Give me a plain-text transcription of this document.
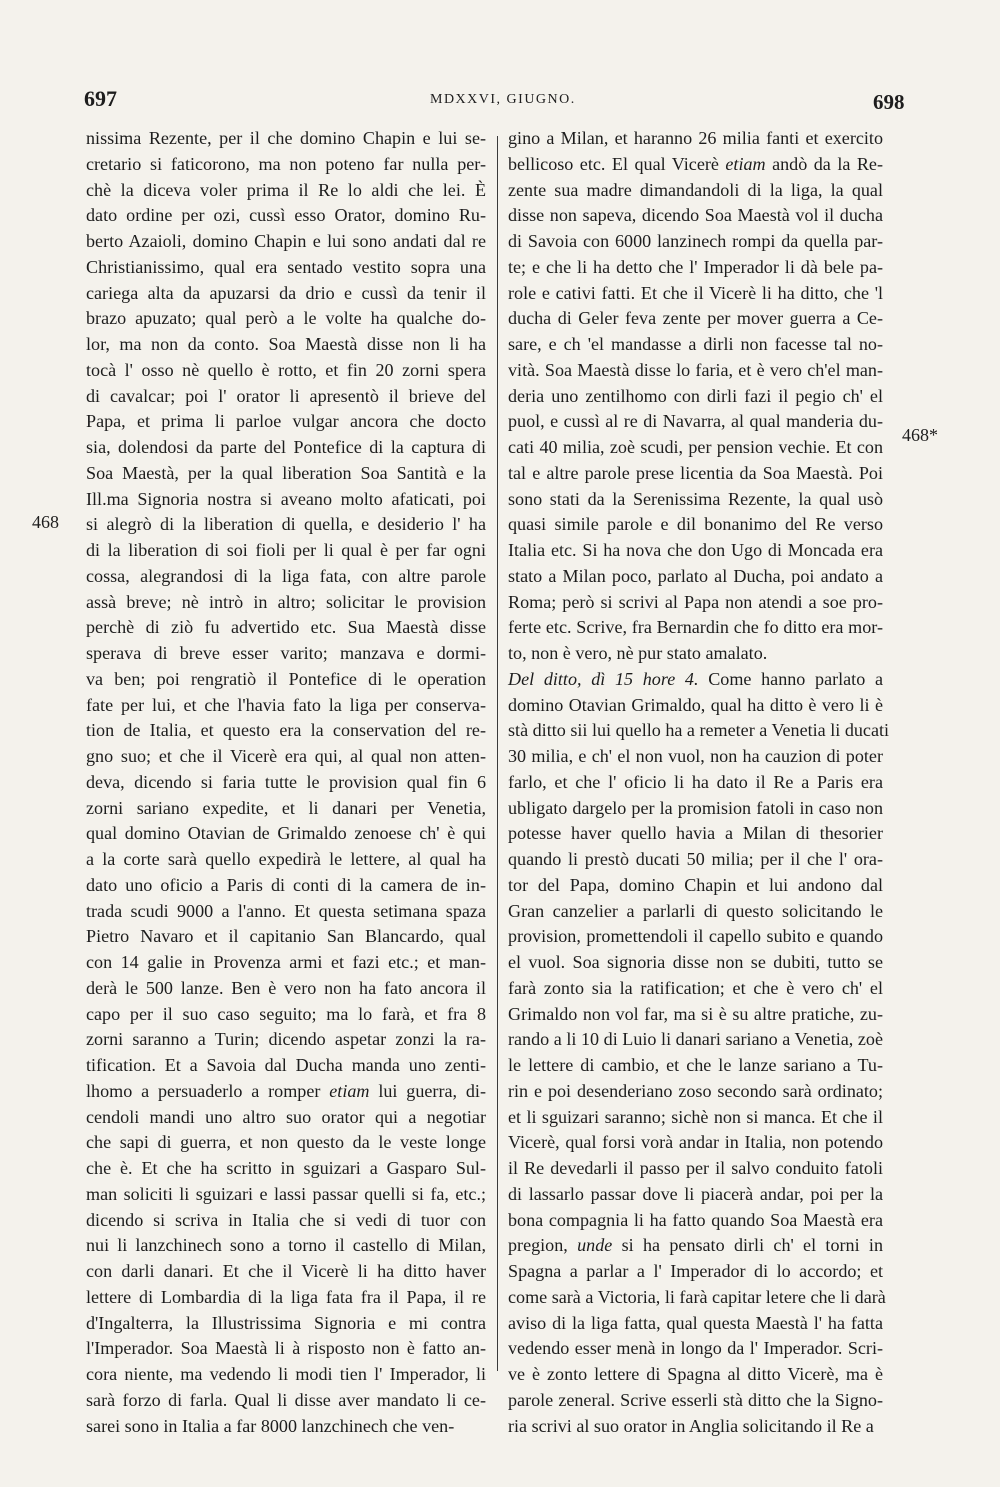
697	MDXXVI, GIUGNO.	698
nissima Rezente, per il che domino Chapin e lui se-
cretario si faticorono, ma non poteno far nulla per-
chè la diceva voler prima il Re lo aldi che lei. È
dato ordine per ozi, cussì esso Orator, domino Ru-
berto Azaioli, domino Chapin e lui sono andati dal re
Christianissimo, qual era sentado vestito sopra una
cariega alta da apuzarsi da drio e cussì da tenir il
brazo apuzato; qual però a le volte ha qualche do-
lor, ma non da conto. Soa Maestà disse non li ha
tocà l' osso nè quello è rotto, et fin 20 zorni spera
di cavalcar; poi l' orator li apresentò il brieve del
Papa, et prima li parloe vulgar ancora che docto
sia, dolendosi da parte del Pontefice di la captura di
Soa Maestà, per la qual liberation Soa Santità e la
Ill.ma Signoria nostra si aveano molto afaticati, poi
si alegrò di la liberation di quella, e desiderio l' ha
di la liberation di soi fioli per li qual è per far ogni
cossa, alegrandosi di la liga fata, con altre parole
assà breve; nè intrò in altro; solicitar le provision
perchè di ziò fu advertido etc. Sua Maestà disse
sperava di breve esser varito; manzava e dormi-
va ben; poi rengratiò il Pontefice di le operation
fate per lui, et che l'havia fato la liga per conserva-
tion de Italia, et questo era la conservation del re-
gno suo; et che il Vicerè era qui, al qual non atten-
deva, dicendo si faria tutte le provision qual fin 6
zorni sariano expedite, et li danari per Venetia,
qual domino Otavian de Grimaldo zenoese ch' è qui
a la corte sarà quello expedirà le lettere, al qual ha
dato uno oficio a Paris di conti di la camera de in-
trada scudi 9000 a l'anno. Et questa setimana spaza
Pietro Navaro et il capitanio San Blancardo, qual
con 14 galie in Provenza armi et fazi etc.; et man-
derà le 500 lanze. Ben è vero non ha fato ancora il
capo per il suo caso seguito; ma lo farà, et fra 8
zorni saranno a Turin; dicendo aspetar zonzi la ra-
tification. Et a Savoia dal Ducha manda uno zenti-
lhomo a persuaderlo a romper etiam lui guerra, di-
cendoli mandi uno altro suo orator qui a negotiar
che sapi di guerra, et non questo da le veste longe
che è. Et che ha scritto in sguizari a Gasparo Sul-
man soliciti li sguizari e lassi passar quelli si fa, etc.;
dicendo si scriva in Italia che si vedi di tuor con
nui li lanzchinech sono a torno il castello di Milan,
con darli danari. Et che il Vicerè li ha ditto haver
lettere di Lombardia di la liga fata fra il Papa, il re
d'Ingalterra, la Illustrissima Signoria e mi contra
l'Imperador. Soa Maestà li à risposto non è fatto an-
cora niente, ma vedendo li modi tien l' Imperador, li
sarà forzo di farla. Qual li disse aver mandato li ce-
sarei sono in Italia a far 8000 lanzchinech che ven-
gino a Milan, et haranno 26 milia fanti et exercito
bellicoso etc. El qual Vicerè etiam andò da la Re-
zente sua madre dimandandoli di la liga, la qual
disse non sapeva, dicendo Soa Maestà vol il ducha
di Savoia con 6000 lanzinech rompi da quella par-
te; e che li ha detto che l' Imperador li dà bele pa-
role e cativi fatti. Et che il Vicerè li ha ditto, che 'l
ducha di Geler feva zente per mover guerra a Ce-
sare, e ch 'el mandasse a dirli non facesse tal no-
vità. Soa Maestà disse lo faria, et è vero ch'el man-
deria uno zentilhomo con dirli fazi il pegio ch' el
puol, e cussì al re di Navarra, al qual manderia du-
cati 40 milia, zoè scudi, per pension vechie. Et con
tal e altre parole prese licentia da Soa Maestà. Poi
sono stati da la Serenissima Rezente, la qual usò
quasi simile parole e dil bonanimo del Re verso
Italia etc. Si ha nova che don Ugo di Moncada era
stato a Milan poco, parlato al Ducha, poi andato a
Roma; però si scrivi al Papa non atendi a soe pro-
ferte etc. Scrive, fra Bernardin che fo ditto era mor-
to, non è vero, nè pur stato amalato.
Del ditto, dì 15 hore 4. Come hanno parlato a
domino Otavian Grimaldo, qual ha ditto è vero li è
stà ditto sii lui quello ha a remeter a Venetia li ducati
30 milia, e ch' el non vuol, non ha cauzion di poter
farlo, et che l' oficio li ha dato il Re a Paris era
ubligato dargelo per la promision fatoli in caso non
potesse haver quello havia a Milan di thesorier
quando li prestò ducati 50 milia; per il che l' ora-
tor del Papa, domino Chapin et lui andono dal
Gran canzelier a parlarli di questo solicitando le
provision, promettendoli il capello subito e quando
el vuol. Soa signoria disse non se dubiti, tutto se
farà zonto sia la ratification; et che è vero ch' el
Grimaldo non vol far, ma si è su altre pratiche, zu-
rando a li 10 di Luio li danari sariano a Venetia, zoè
le lettere di cambio, et che le lanze sariano a Tu-
rin e poi desenderiano zoso secondo sarà ordinato;
et li sguizari saranno; sichè non si manca. Et che il
Vicerè, qual forsi vorà andar in Italia, non potendo
il Re devedarli il passo per il salvo conduito fatoli
di lassarlo passar dove li piacerà andar, poi per la
bona compagnia li ha fatto quando Soa Maestà era
pregion, unde si ha pensato dirli ch' el torni in
Spagna a parlar a l' Imperador di lo accordo; et
come sarà a Victoria, li farà capitar letere che li darà
aviso di la liga fatta, qual questa Maestà l' ha fatta
vedendo esser menà in longo da l' Imperador. Scri-
ve è zonto lettere di Spagna al ditto Vicerè, ma è
parole zeneral. Scrive esserli stà ditto che la Signo-
ria scrivi al suo orator in Anglia solicitando il Re a
468
468*
